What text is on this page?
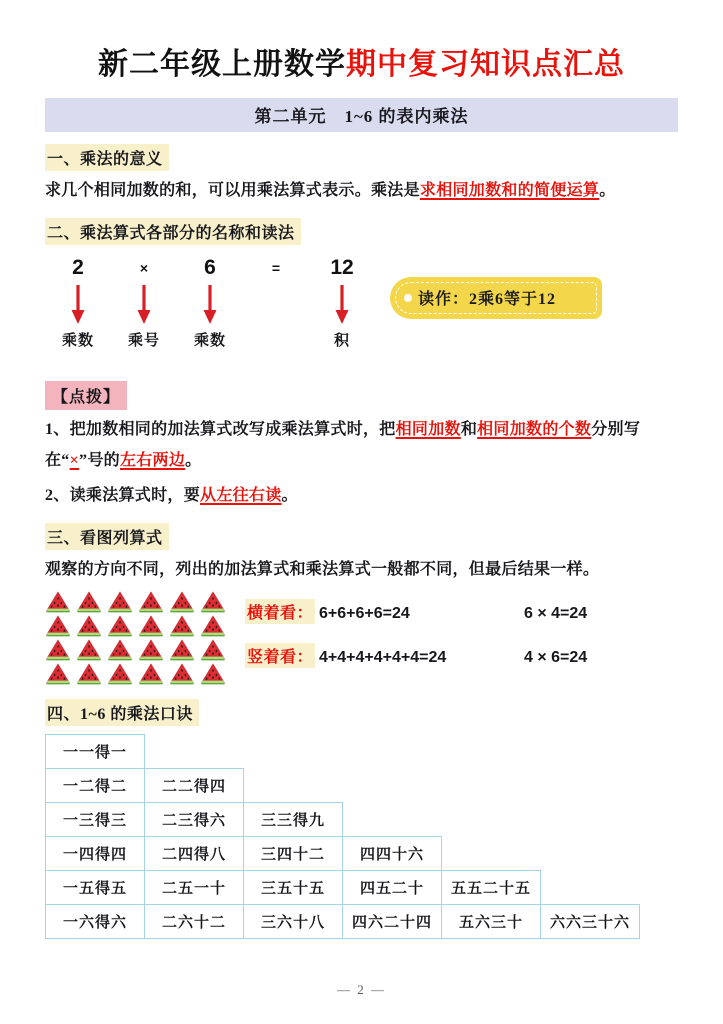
新二年级上册数学期中复习知识点汇总
第二单元　1~6 的表内乘法
一、乘法的意义

求几个相同加数的和，可以用乘法算式表示。乘法是求相同加数和的简便运算。

二、乘法算式各部分的名称和读法
2
乘数
×
乘号
6
乘数
=	12
积
读作：2乘6等于12
【点拨】

1、把加数相同的加法算式改写成乘法算式时，把相同加数和相同加数的个数分别写在“×”号的左右两边。

2、读乘法算式时，要从左往右读。

三、看图列算式

观察的方向不同，列出的加法算式和乘法算式一般都不同，但最后结果一样。

横着看： 6+6+6+6=24	6 × 4=24
竖着看： 4+4+4+4+4+4=24	4 × 6=24
四、1~6 的乘法口诀
一一得一					
一二得二	二二得四				
一三得三	二三得六	三三得九			
一四得四	二四得八	三四十二	四四十六		
一五得五	二五一十	三五十五	四五二十	五五二十五	
一六得六	二六十二	三六十八	四六二十四	五六三十	六六三十六
— 2 —
